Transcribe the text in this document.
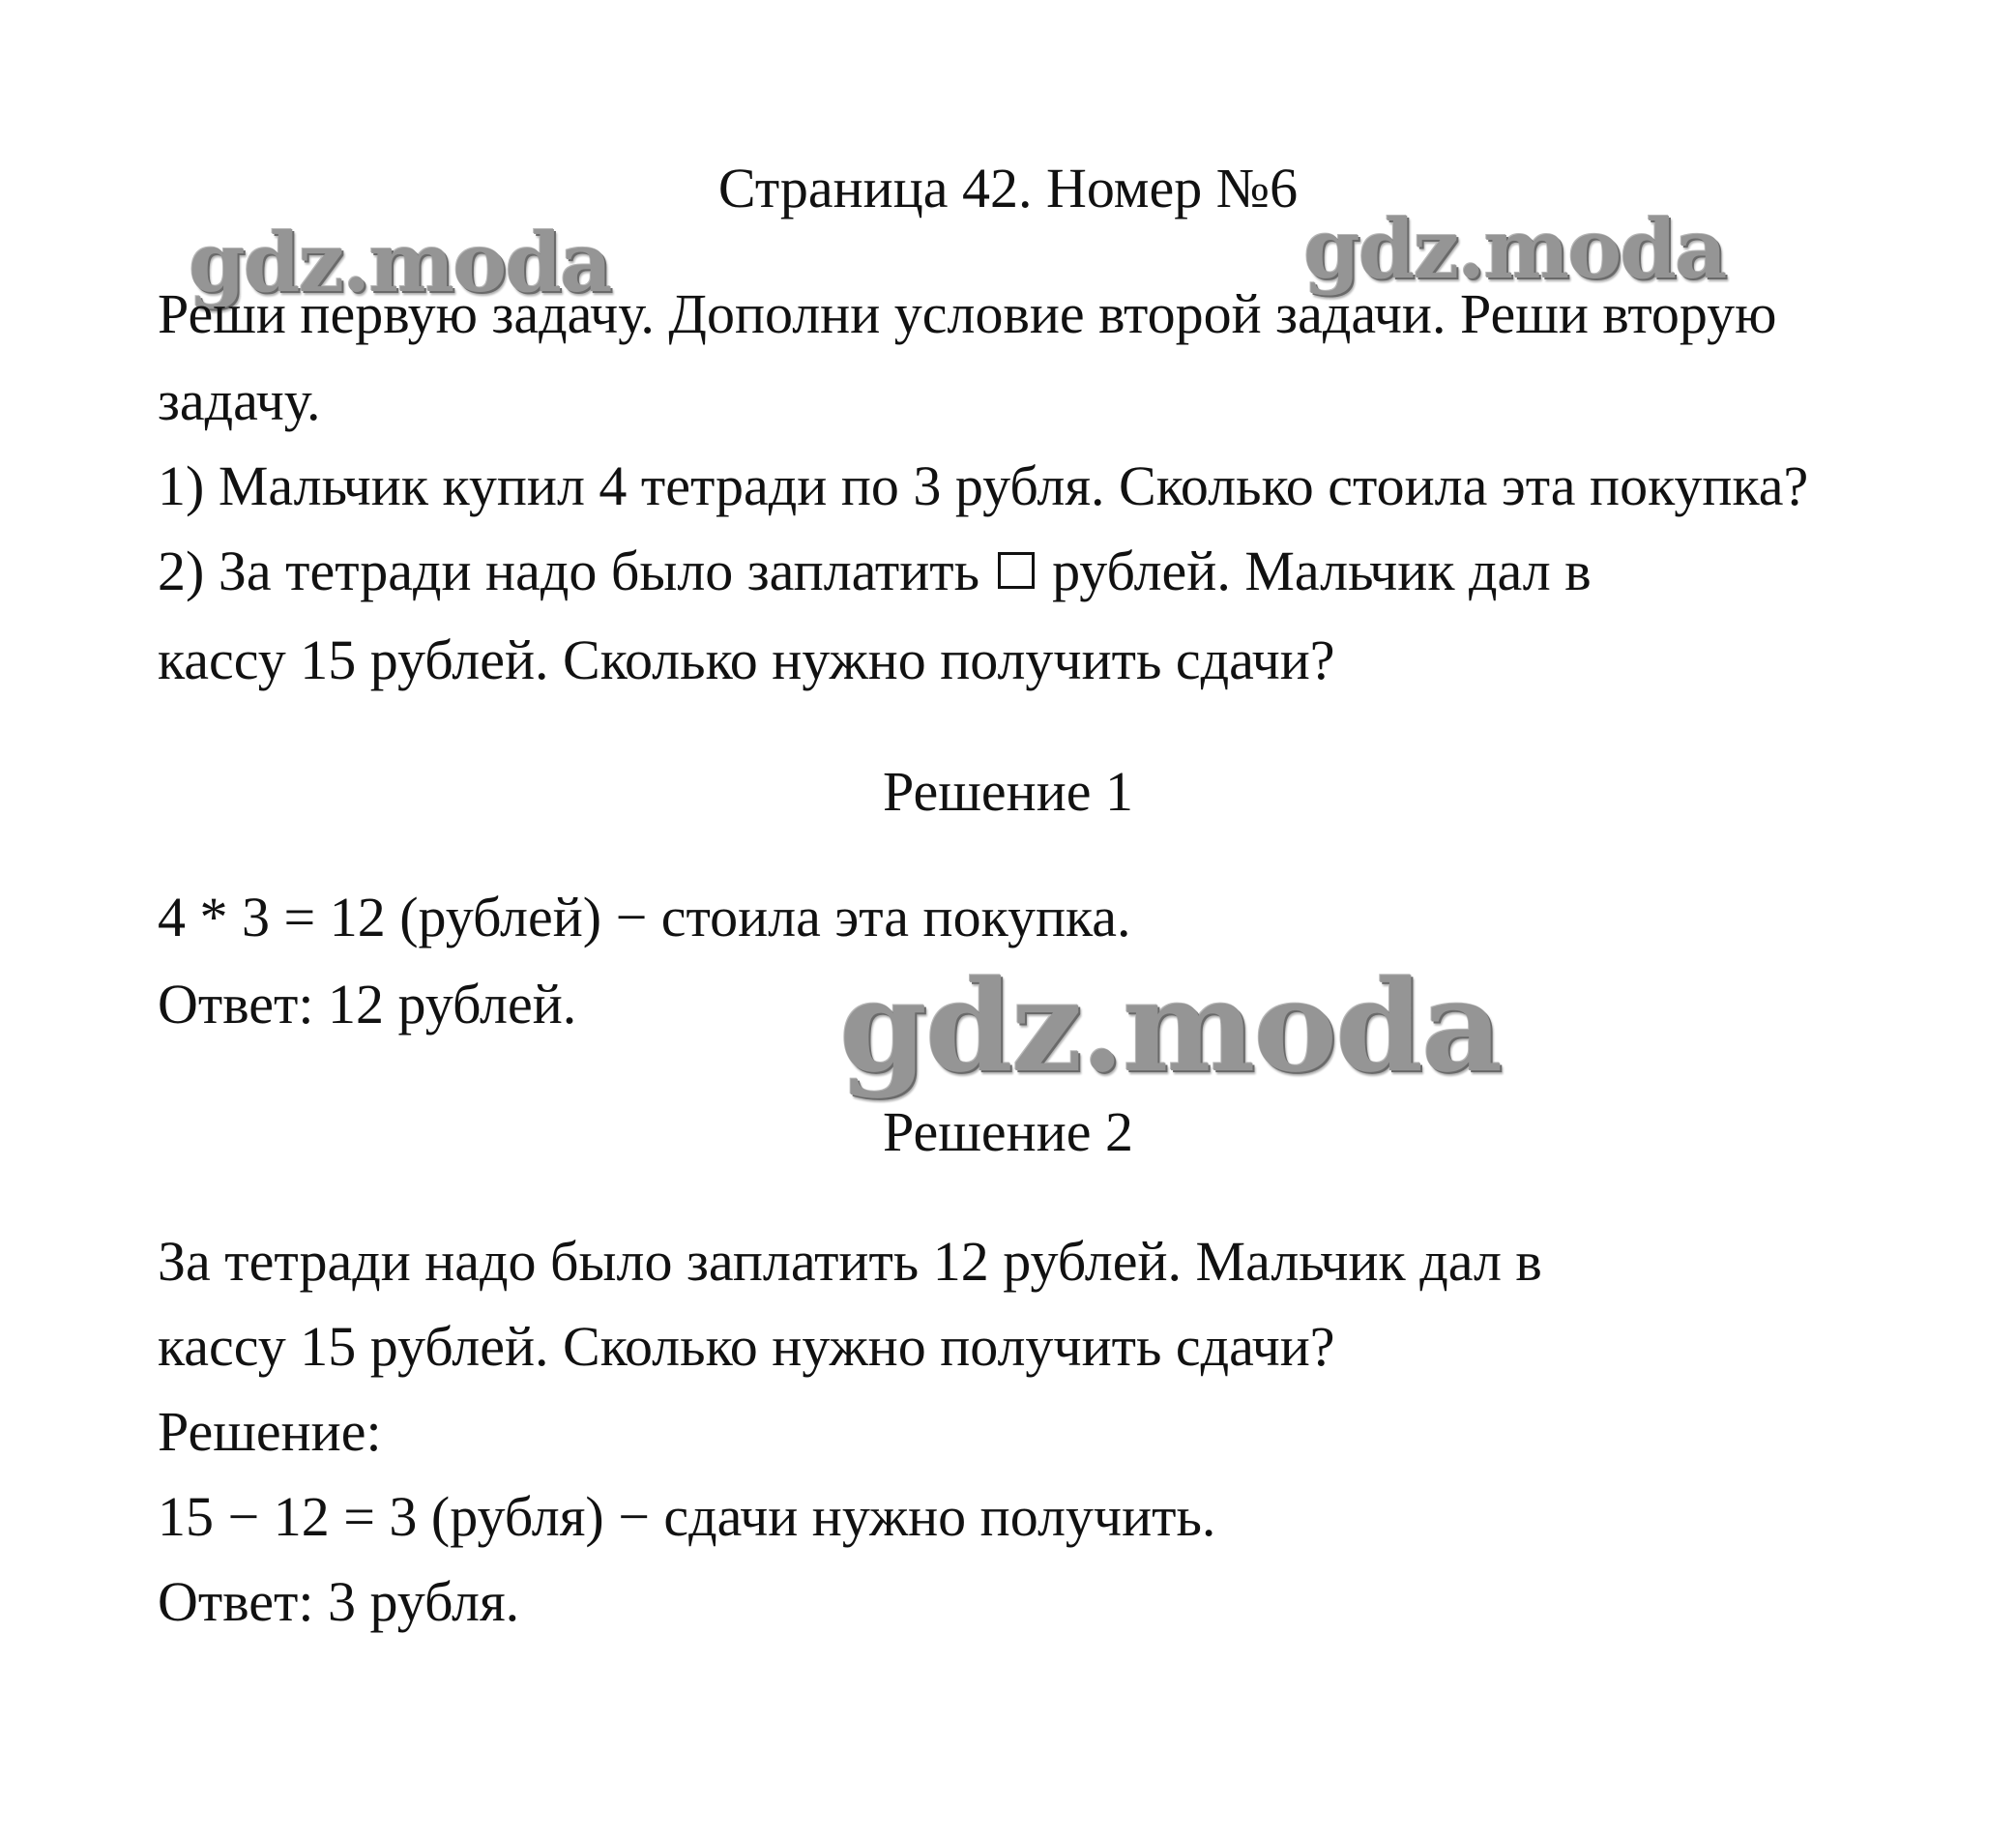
gdz.moda	gdz.moda
gdz.moda
Страница 42. Номер №6
Реши первую задачу. Дополни условие второй задачи. Реши вторую
задачу.
1) Мальчик купил 4 тетради по 3 рубля. Сколько стоила эта покупка?
2) За тетради надо было заплатить рублей. Мальчик дал в
кассу 15 рублей. Сколько нужно получить сдачи?
Решение 1
4 * 3 = 12 (рублей) − стоила эта покупка.
Ответ: 12 рублей.
Решение 2
За тетради надо было заплатить 12 рублей. Мальчик дал в
кассу 15 рублей. Сколько нужно получить сдачи?
Решение:
15 − 12 = 3 (рубля) − сдачи нужно получить.
Ответ: 3 рубля.
